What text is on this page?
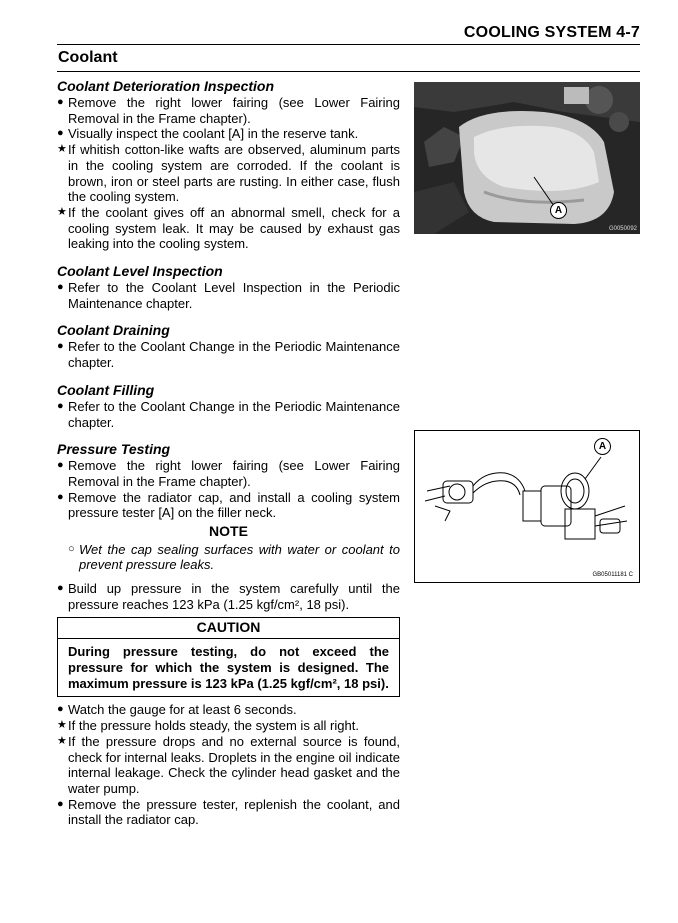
COOLING SYSTEM 4-7
Coolant
Coolant Deterioration Inspection
● Remove the right lower fairing (see Lower Fairing Removal in the Frame chapter).
● Visually inspect the coolant [A] in the reserve tank.
★ If whitish cotton-like wafts are observed, aluminum parts in the cooling system are corroded. If the coolant is brown, iron or steel parts are rusting. In either case, flush the cooling system.
★ If the coolant gives off an abnormal smell, check for a cooling system leak. It may be caused by exhaust gas leaking into the cooling system.
Coolant Level Inspection
● Refer to the Coolant Level Inspection in the Periodic Maintenance chapter.
Coolant Draining
● Refer to the Coolant Change in the Periodic Maintenance chapter.
Coolant Filling
● Refer to the Coolant Change in the Periodic Maintenance chapter.
Pressure Testing
● Remove the right lower fairing (see Lower Fairing Removal in the Frame chapter).
● Remove the radiator cap, and install a cooling system pressure tester [A] on the filler neck.
NOTE
○ Wet the cap sealing surfaces with water or coolant to prevent pressure leaks.
● Build up pressure in the system carefully until the pressure reaches 123 kPa (1.25 kgf/cm², 18 psi).
CAUTION
During pressure testing, do not exceed the pressure for which the system is designed. The maximum pressure is 123 kPa (1.25 kgf/cm², 18 psi).
● Watch the gauge for at least 6 seconds.
★ If the pressure holds steady, the system is all right.
★ If the pressure drops and no external source is found, check for internal leaks. Droplets in the engine oil indicate internal leakage. Check the cylinder head gasket and the water pump.
● Remove the pressure tester, replenish the coolant, and install the radiator cap.
A
G0050092
A
GB05011181 C
